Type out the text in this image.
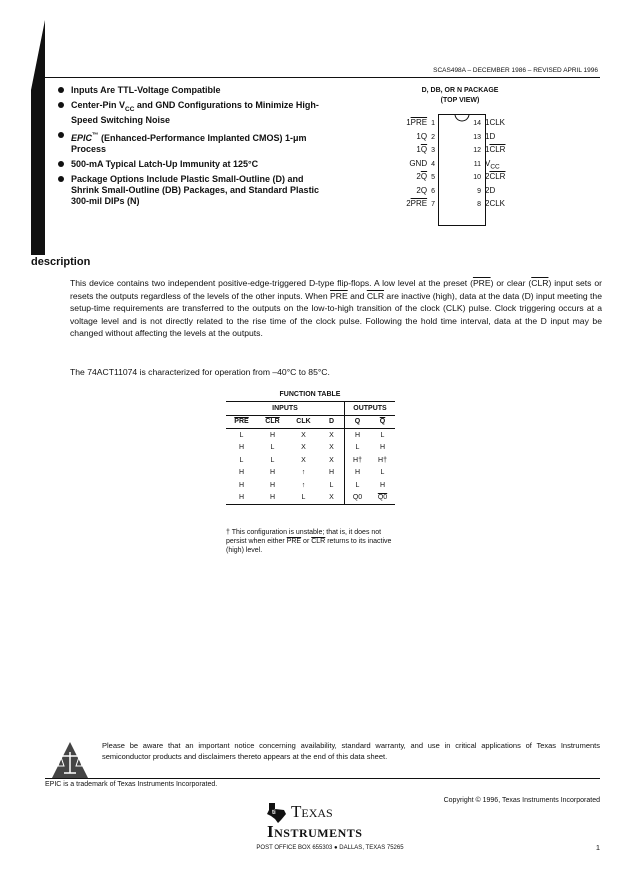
SCAS498A – DECEMBER 1986 – REVISED APRIL 1996
Inputs Are TTL-Voltage Compatible
Center-Pin $V_{CC}$ and GND Configurations to Minimize High-Speed Switching Noise
EPIC™ (Enhanced-Performance Implanted CMOS) 1-μm Process
500-mA Typical Latch-Up Immunity at 125°C
Package Options Include Plastic Small-Outline (D) and Shrink Small-Outline (DB) Packages, and Standard Plastic 300-mil DIPs (N)
D, DB, OR N PACKAGE
(TOP VIEW)
$1\overline{PRE}$ 1
1Q 2
$1\overline{Q}$ 3
GND 4
$2\overline{Q}$ 5
2Q 6
$2\overline{PRE}$ 7
14 1CLK
13 1D
12 $1\overline{CLR}$
11 $V_{CC}$
10 $2\overline{CLR}$
9 2D
8 2CLK
description
This device contains two independent positive-edge-triggered D-type flip-flops. A low level at the preset $(\overline{PRE})$ or clear $(\overline{CLR})$ input sets or resets the outputs regardless of the levels of the other inputs. When $\overline{PRE}$ and $\overline{CLR}$ are inactive (high), data at the data (D) input meeting the setup-time requirements are transferred to the outputs on the low-to-high transition of the clock (CLK) pulse. Clock triggering occurs at a voltage level and is not directly related to the rise time of the clock pulse. Following the hold time interval, data at the D input may be changed without affecting the levels at the outputs.
The 74ACT11074 is characterized for operation from –40°C to 85°C.
FUNCTION TABLE
INPUTS				OUTPUTS	
$\overline{PRE}$	$\overline{CLR}$	CLK	D	Q	$\overline{Q}$
L	H	X	X	H	L
H	L	X	X	L	H
L	L	X	X	H†	H†
H	H	↑	H	H	L
H	H	↑	L	L	H
H	H	L	X	Q0	Q0
† This configuration is unstable; that is, it does not persist when either $\overline{PRE}$ or $\overline{CLR}$ returns to its inactive (high) level.
Please be aware that an important notice concerning availability, standard warranty, and use in critical applications of Texas Instruments semiconductor products and disclaimers thereto appears at the end of this data sheet.
EPIC is a trademark of Texas Instruments Incorporated.
Copyright © 1996, Texas Instruments Incorporated
ti Texas
Instruments
POST OFFICE BOX 655303 ● DALLAS, TEXAS 75265	1
